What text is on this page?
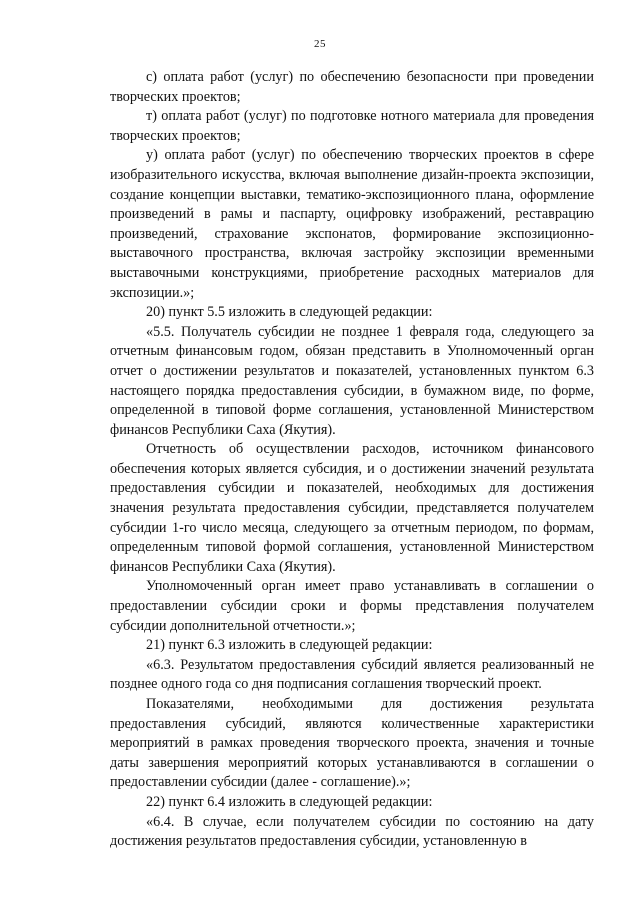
25

с) оплата работ (услуг) по обеспечению безопасности при проведении творческих проектов;

т) оплата работ (услуг) по подготовке нотного материала для проведения творческих проектов;

у) оплата работ (услуг) по обеспечению творческих проектов в сфере изобразительного искусства, включая выполнение дизайн-проекта экспозиции, создание концепции выставки, тематико-экспозиционного плана, оформление произведений в рамы и паспарту, оцифровку изображений, реставрацию произведений, страхование экспонатов, формирование экспозиционно-выставочного пространства, включая застройку экспозиции временными выставочными конструкциями, приобретение расходных материалов для экспозиции.»;

20) пункт 5.5 изложить в следующей редакции:

«5.5. Получатель субсидии не позднее 1 февраля года, следующего за отчетным финансовым годом, обязан представить в Уполномоченный орган отчет о достижении результатов и показателей, установленных пунктом 6.3 настоящего порядка предоставления субсидии, в бумажном виде, по форме, определенной в типовой форме соглашения, установленной Министерством финансов Республики Саха (Якутия).

Отчетность об осуществлении расходов, источником финансового обеспечения которых является субсидия, и о достижении значений результата предоставления субсидии и показателей, необходимых для достижения значения результата предоставления субсидии, представляется получателем субсидии 1-го число месяца, следующего за отчетным периодом, по формам, определенным типовой формой соглашения, установленной Министерством финансов Республики Саха (Якутия).

Уполномоченный орган имеет право устанавливать в соглашении о предоставлении субсидии сроки и формы представления получателем субсидии дополнительной отчетности.»;

21) пункт 6.3 изложить в следующей редакции:

«6.3. Результатом предоставления субсидий является реализованный не позднее одного года со дня подписания соглашения творческий проект.

Показателями, необходимыми для достижения результата предоставления субсидий, являются количественные характеристики мероприятий в рамках проведения творческого проекта, значения и точные даты завершения мероприятий которых устанавливаются в соглашении о предоставлении субсидии (далее - соглашение).»;

22) пункт 6.4 изложить в следующей редакции:

«6.4. В случае, если получателем субсидии по состоянию на дату достижения результатов предоставления субсидии, установленную в
